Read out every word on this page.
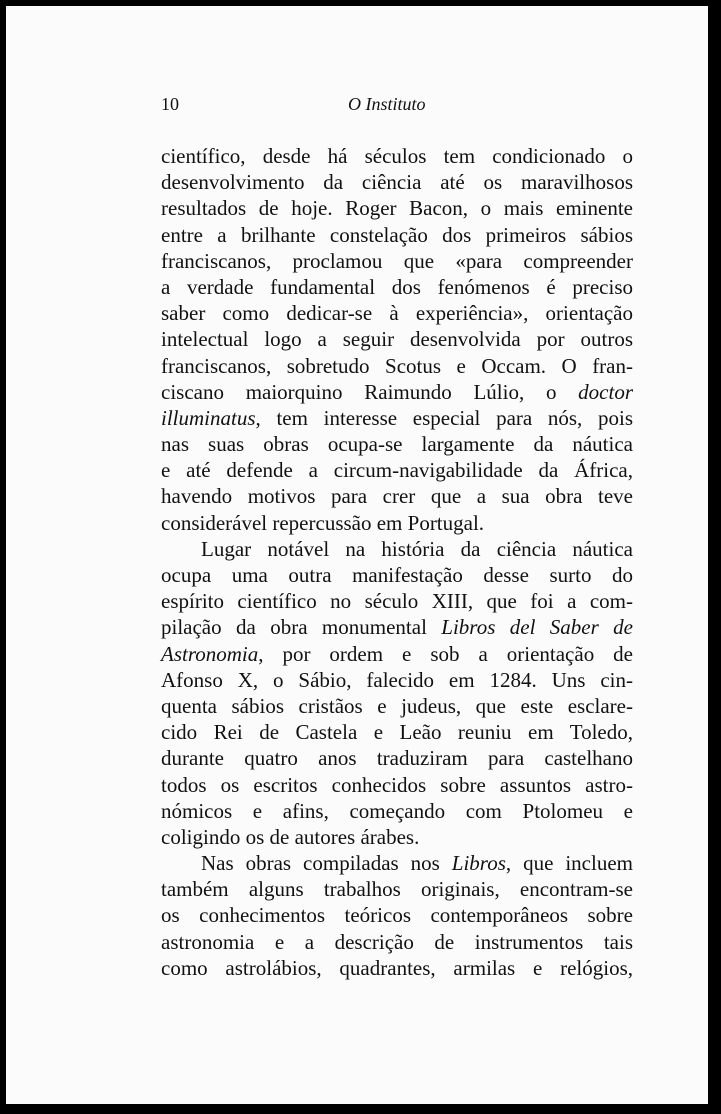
10	O Instituto
científico, desde há séculos tem condicionado o
desenvolvimento da ciência até os maravilhosos
resultados de hoje. Roger Bacon, o mais eminente
entre a brilhante constelação dos primeiros sábios
franciscanos, proclamou que «para compreender
a verdade fundamental dos fenómenos é preciso
saber como dedicar-se à experiência», orientação
intelectual logo a seguir desenvolvida por outros
franciscanos, sobretudo Scotus e Occam. O fran-
ciscano maiorquino Raimundo Lúlio, o doctor
illuminatus, tem interesse especial para nós, pois
nas suas obras ocupa-se largamente da náutica
e até defende a circum-navigabilidade da África,
havendo motivos para crer que a sua obra teve
considerável repercussão em Portugal.
Lugar notável na história da ciência náutica
ocupa uma outra manifestação desse surto do
espírito científico no século XIII, que foi a com-
pilação da obra monumental Libros del Saber de
Astronomia, por ordem e sob a orientação de
Afonso X, o Sábio, falecido em 1284. Uns cin-
quenta sábios cristãos e judeus, que este esclare-
cido Rei de Castela e Leão reuniu em Toledo,
durante quatro anos traduziram para castelhano
todos os escritos conhecidos sobre assuntos astro-
nómicos e afins, começando com Ptolomeu e
coligindo os de autores árabes.
Nas obras compiladas nos Libros, que incluem
também alguns trabalhos originais, encontram-se
os conhecimentos teóricos contemporâneos sobre
astronomia e a descrição de instrumentos tais
como astrolábios, quadrantes, armilas e relógios,
